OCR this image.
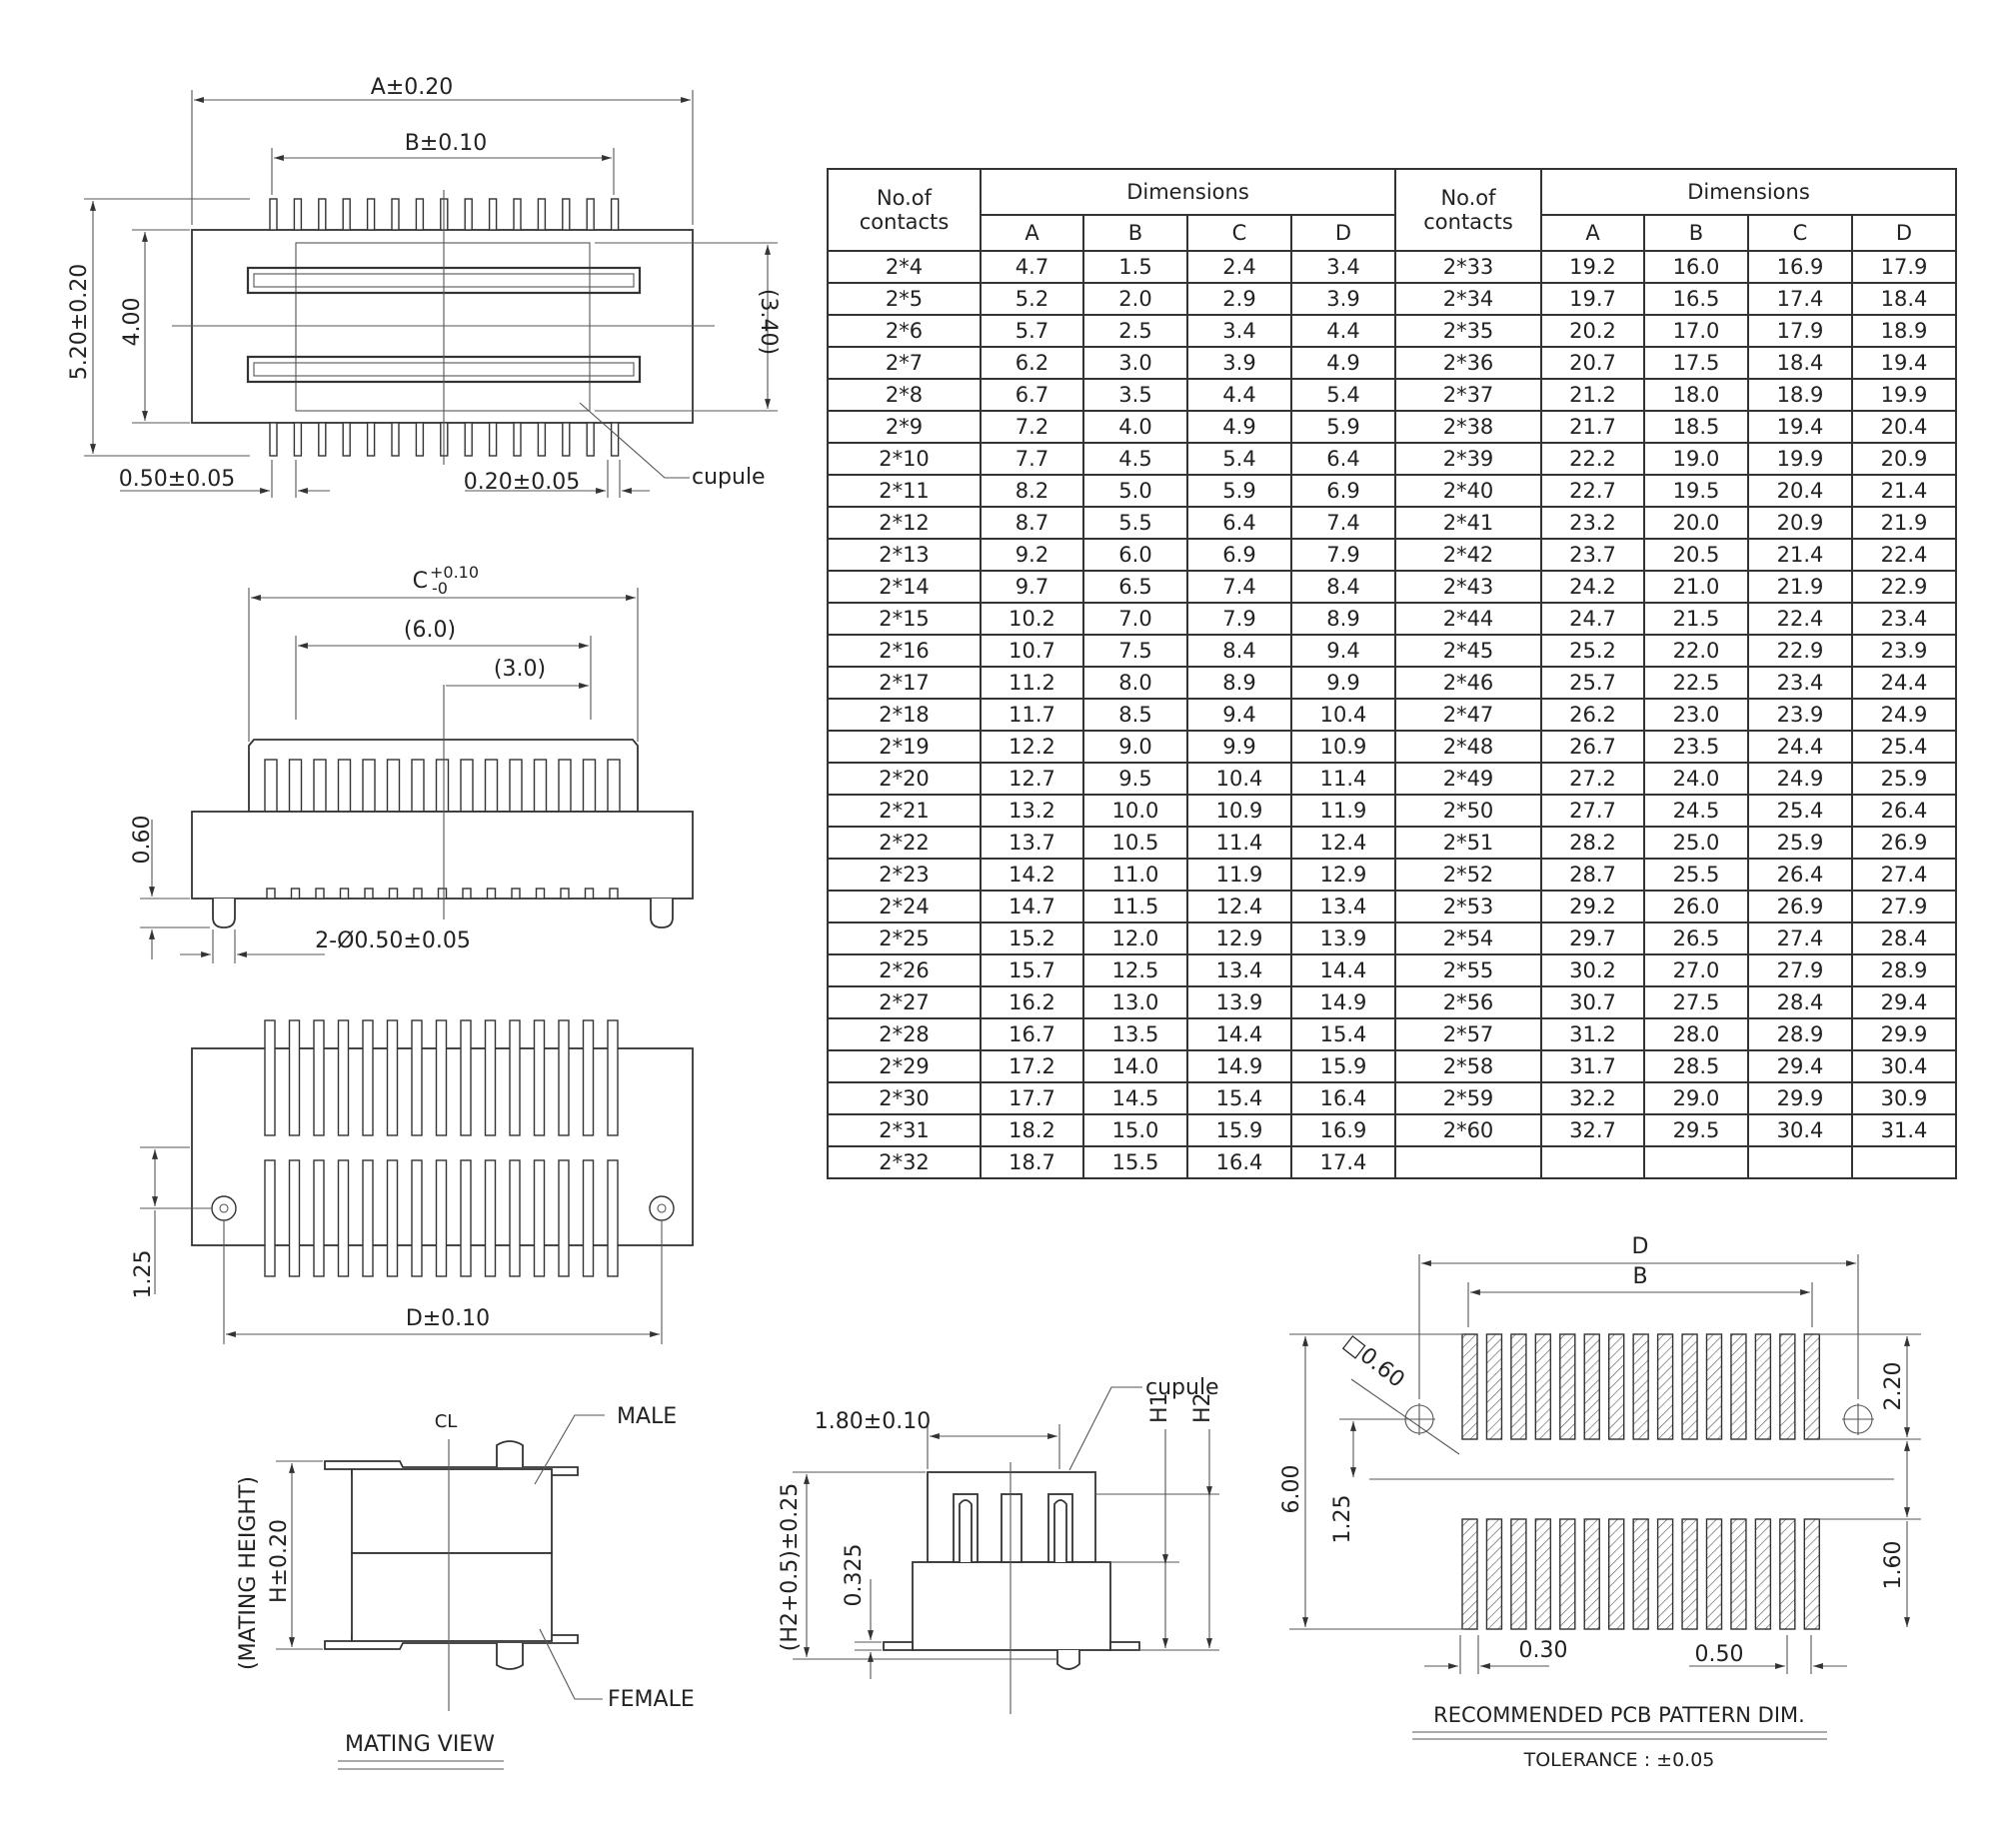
A±0.20
B±0.10
5.20±0.20 4.00	(3.40)
0.50±0.05	0.20±0.05	cupule
C +0.10
-0
(6.0)
(3.0)
0.60
2-Ø0.50±0.05
1.25
D±0.10
CL	MALE
FEMALE
H±0.20
(MATING HEIGHT)
MATING VIEW
1.80±0.10
cupule
H1 H2
(H2+0.5)±0.25 0.325
D
B
□0.60
6.00
1.25
2.20
1.60
0.30	0.50
RECOMMENDED PCB PATTERN DIM.
TOLERANCE : ±0.05
No.of
contacts	Dimensions				No.of
contacts	Dimensions			
	A	B	C	D		A	B	C	D
2*4	4.7	1.5	2.4	3.4	2*33	19.2	16.0	16.9	17.9
2*5	5.2	2.0	2.9	3.9	2*34	19.7	16.5	17.4	18.4
2*6	5.7	2.5	3.4	4.4	2*35	20.2	17.0	17.9	18.9
2*7	6.2	3.0	3.9	4.9	2*36	20.7	17.5	18.4	19.4
2*8	6.7	3.5	4.4	5.4	2*37	21.2	18.0	18.9	19.9
2*9	7.2	4.0	4.9	5.9	2*38	21.7	18.5	19.4	20.4
2*10	7.7	4.5	5.4	6.4	2*39	22.2	19.0	19.9	20.9
2*11	8.2	5.0	5.9	6.9	2*40	22.7	19.5	20.4	21.4
2*12	8.7	5.5	6.4	7.4	2*41	23.2	20.0	20.9	21.9
2*13	9.2	6.0	6.9	7.9	2*42	23.7	20.5	21.4	22.4
2*14	9.7	6.5	7.4	8.4	2*43	24.2	21.0	21.9	22.9
2*15	10.2	7.0	7.9	8.9	2*44	24.7	21.5	22.4	23.4
2*16	10.7	7.5	8.4	9.4	2*45	25.2	22.0	22.9	23.9
2*17	11.2	8.0	8.9	9.9	2*46	25.7	22.5	23.4	24.4
2*18	11.7	8.5	9.4	10.4	2*47	26.2	23.0	23.9	24.9
2*19	12.2	9.0	9.9	10.9	2*48	26.7	23.5	24.4	25.4
2*20	12.7	9.5	10.4	11.4	2*49	27.2	24.0	24.9	25.9
2*21	13.2	10.0	10.9	11.9	2*50	27.7	24.5	25.4	26.4
2*22	13.7	10.5	11.4	12.4	2*51	28.2	25.0	25.9	26.9
2*23	14.2	11.0	11.9	12.9	2*52	28.7	25.5	26.4	27.4
2*24	14.7	11.5	12.4	13.4	2*53	29.2	26.0	26.9	27.9
2*25	15.2	12.0	12.9	13.9	2*54	29.7	26.5	27.4	28.4
2*26	15.7	12.5	13.4	14.4	2*55	30.2	27.0	27.9	28.9
2*27	16.2	13.0	13.9	14.9	2*56	30.7	27.5	28.4	29.4
2*28	16.7	13.5	14.4	15.4	2*57	31.2	28.0	28.9	29.9
2*29	17.2	14.0	14.9	15.9	2*58	31.7	28.5	29.4	30.4
2*30	17.7	14.5	15.4	16.4	2*59	32.2	29.0	29.9	30.9
2*31	18.2	15.0	15.9	16.9	2*60	32.7	29.5	30.4	31.4
2*32	18.7	15.5	16.4	17.4					
